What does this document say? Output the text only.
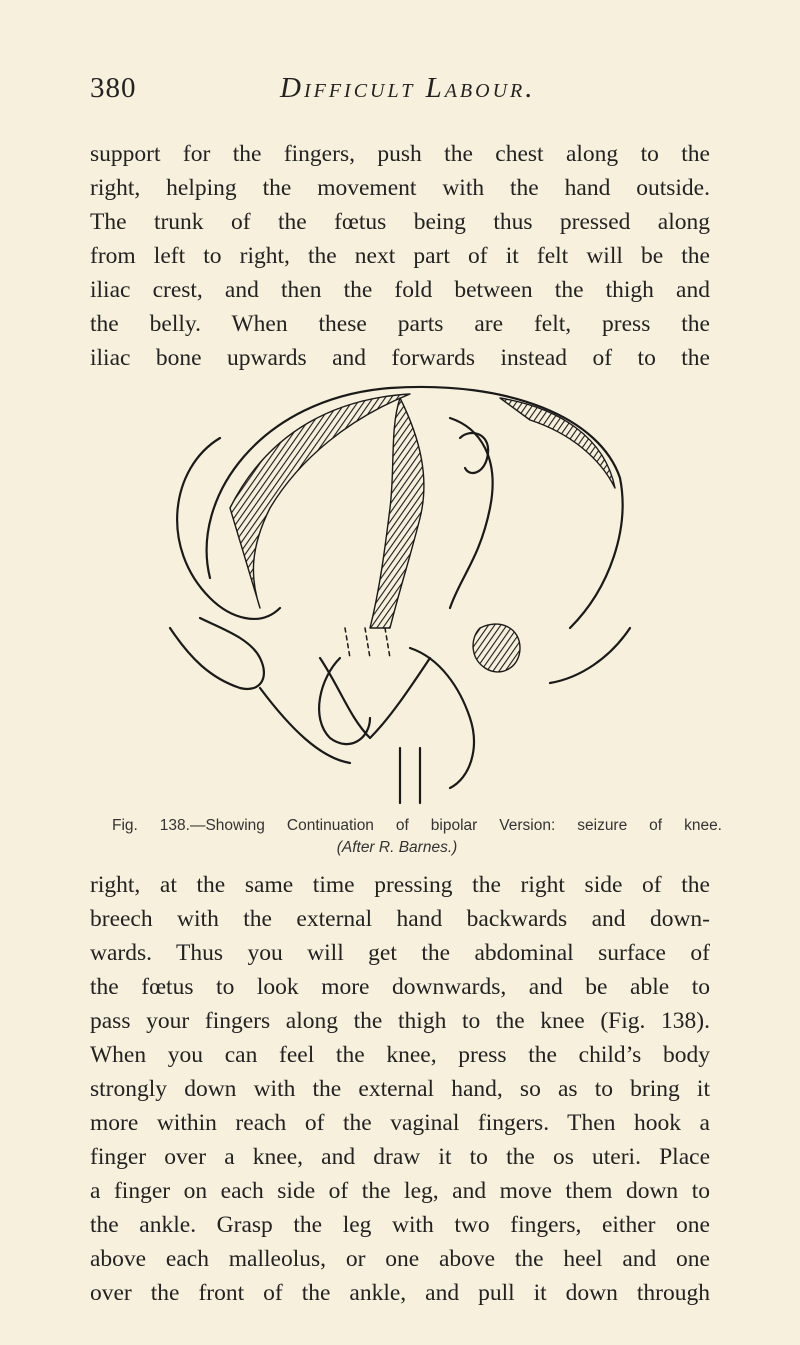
380	Difficult Labour.
support for the fingers, push the chest along to the
right, helping the movement with the hand outside.
The trunk of the fœtus being thus pressed along
from left to right, the next part of it felt will be the
iliac crest, and then the fold between the thigh and
the belly. When these parts are felt, press the
iliac bone upwards and forwards instead of to the
Fig. 138.—Showing Continuation of bipolar Version: seizure of knee.
(After R. Barnes.)
right, at the same time pressing the right side of the
breech with the external hand backwards and down-
wards. Thus you will get the abdominal surface of
the fœtus to look more downwards, and be able to
pass your fingers along the thigh to the knee (Fig. 138).
When you can feel the knee, press the child’s body
strongly down with the external hand, so as to bring it
more within reach of the vaginal fingers. Then hook a
finger over a knee, and draw it to the os uteri. Place
a finger on each side of the leg, and move them down to
the ankle. Grasp the leg with two fingers, either one
above each malleolus, or one above the heel and one
over the front of the ankle, and pull it down through
